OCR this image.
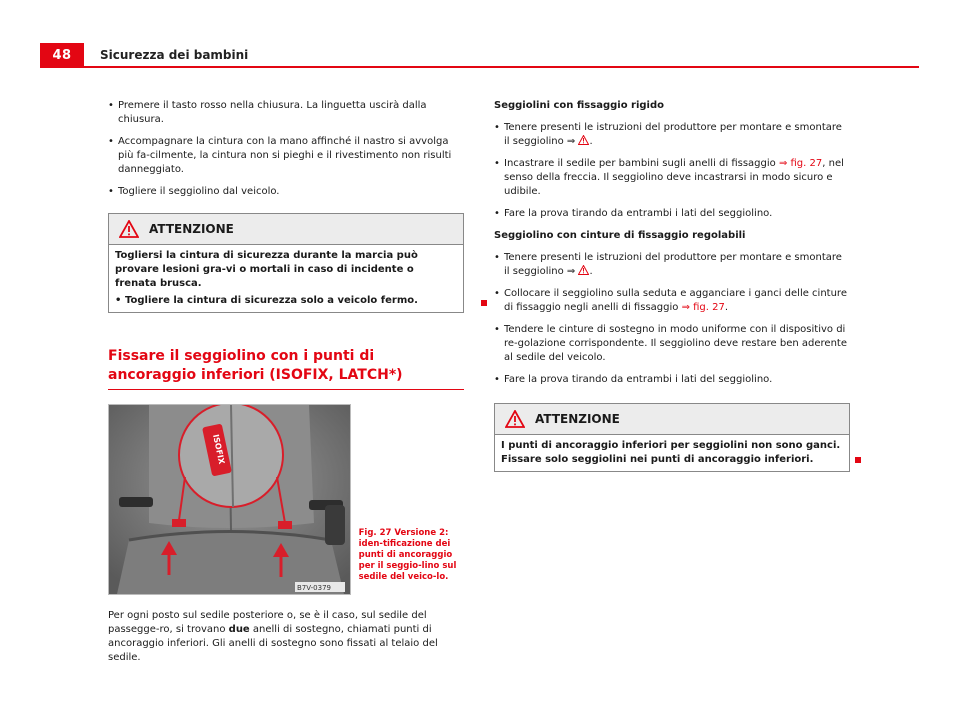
48	Sicurezza dei bambini
• Premere il tasto rosso nella chiusura. La linguetta uscirà dalla chiusura.
• Accompagnare la cintura con la mano affinché il nastro si avvolga più fa-cilmente, la cintura non si pieghi e il rivestimento non risulti danneggiato.
• Togliere il seggiolino dal veicolo.
ATTENZIONE
Togliersi la cintura di sicurezza durante la marcia può provare lesioni gra-vi o mortali in caso di incidente o frenata brusca.
• Togliere la cintura di sicurezza solo a veicolo fermo.
Fissare il seggiolino con i punti di ancoraggio inferiori (ISOFIX, LATCH*)
ISOFIX
B7V-0379
Fig. 27 Versione 2: iden-tificazione dei punti di ancoraggio per il seggio-lino sul sedile del veico-lo.
Per ogni posto sul sedile posteriore o, se è il caso, sul sedile del passegge-ro, si trovano due anelli di sostegno, chiamati punti di ancoraggio inferiori. Gli anelli di sostegno sono fissati al telaio del sedile.
Seggiolini con fissaggio rigido
• Tenere presenti le istruzioni del produttore per montare e smontare il seggiolino ⇒ .
• Incastrare il sedile per bambini sugli anelli di fissaggio ⇒ fig. 27, nel senso della freccia. Il seggiolino deve incastrarsi in modo sicuro e udibile.
• Fare la prova tirando da entrambi i lati del seggiolino.
Seggiolino con cinture di fissaggio regolabili
• Tenere presenti le istruzioni del produttore per montare e smontare il seggiolino ⇒ .
• Collocare il seggiolino sulla seduta e agganciare i ganci delle cinture di fissaggio negli anelli di fissaggio ⇒ fig. 27.
• Tendere le cinture di sostegno in modo uniforme con il dispositivo di re-golazione corrispondente. Il seggiolino deve restare ben aderente al sedile del veicolo.
• Fare la prova tirando da entrambi i lati del seggiolino.
ATTENZIONE
I punti di ancoraggio inferiori per seggiolini non sono ganci. Fissare solo seggiolini nei punti di ancoraggio inferiori.
